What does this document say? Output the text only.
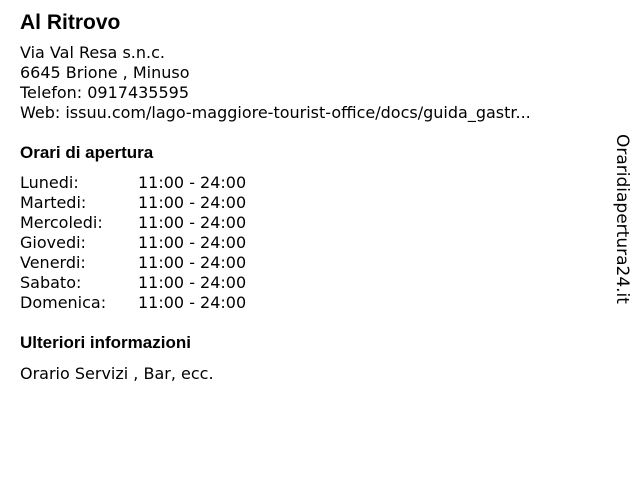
Al Ritrovo
Via Val Resa s.n.c.
6645 Brione , Minuso
Telefon: 0917435595
Web: issuu.com/lago-maggiore-tourist-office/docs/guida_gastr...
Orari di apertura
Lunedi:	11:00 - 24:00
Martedi:	11:00 - 24:00
Mercoledi:	11:00 - 24:00
Giovedi:	11:00 - 24:00
Venerdi:	11:00 - 24:00
Sabato:	11:00 - 24:00
Domenica:	11:00 - 24:00
Ulteriori informazioni
Orario Servizi , Bar, ecc.
Oraridiapertura24.it
